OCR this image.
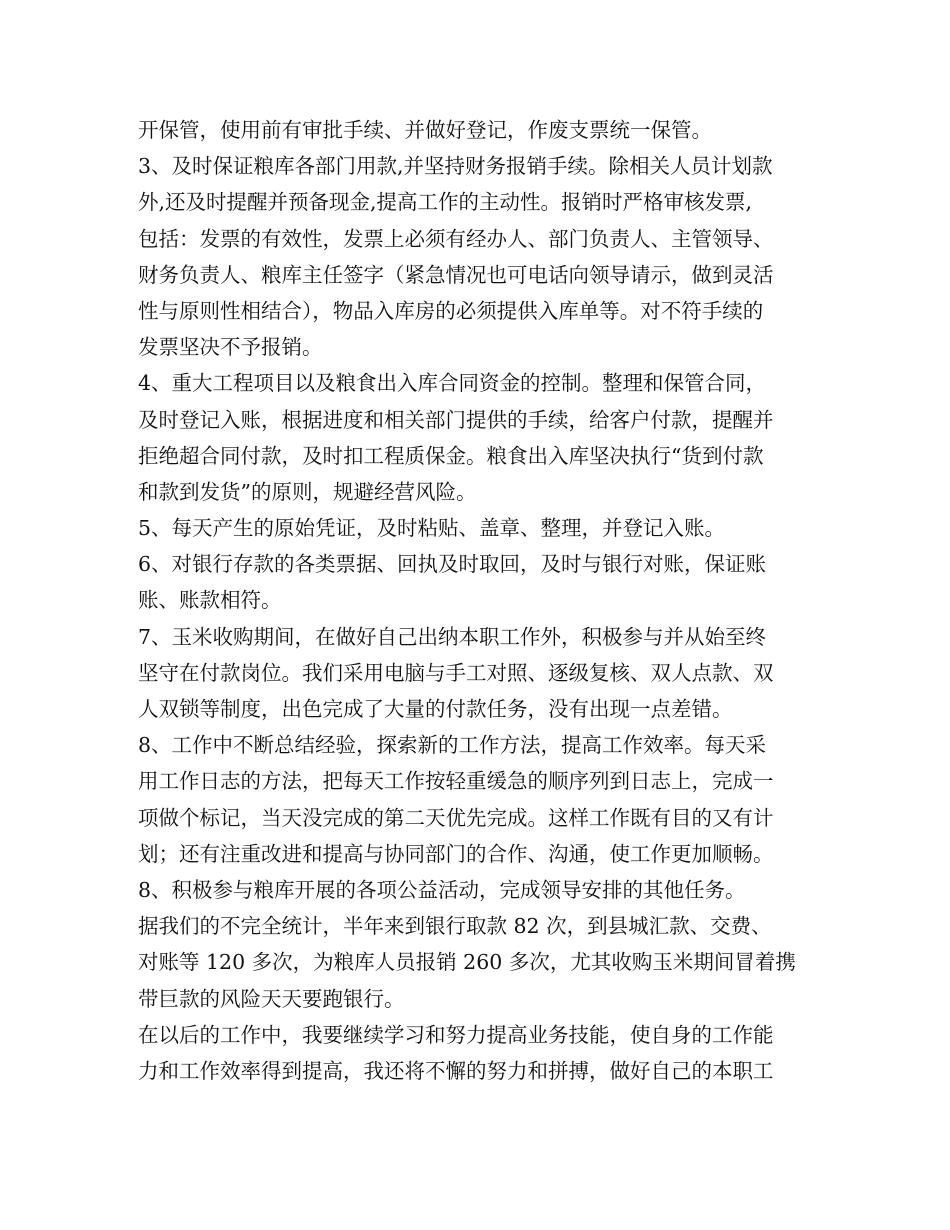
开保管，使用前有审批手续、并做好登记，作废支票统一保管。
3、及时保证粮库各部门用款,并坚持财务报销手续。除相关人员计划款
外,还及时提醒并预备现金,提高工作的主动性。报销时严格审核发票,
包括：发票的有效性，发票上必须有经办人、部门负责人、主管领导、
财务负责人、粮库主任签字（紧急情况也可电话向领导请示，做到灵活
性与原则性相结合），物品入库房的必须提供入库单等。对不符手续的
发票坚决不予报销。
4、重大工程项目以及粮食出入库合同资金的控制。整理和保管合同，
及时登记入账，根据进度和相关部门提供的手续，给客户付款，提醒并
拒绝超合同付款，及时扣工程质保金。粮食出入库坚决执行“货到付款
和款到发货”的原则，规避经营风险。
5、每天产生的原始凭证，及时粘贴、盖章、整理，并登记入账。
6、对银行存款的各类票据、回执及时取回，及时与银行对账，保证账
账、账款相符。
7、玉米收购期间，在做好自己出纳本职工作外，积极参与并从始至终
坚守在付款岗位。我们采用电脑与手工对照、逐级复核、双人点款、双
人双锁等制度，出色完成了大量的付款任务，没有出现一点差错。
8、工作中不断总结经验，探索新的工作方法，提高工作效率。每天采
用工作日志的方法，把每天工作按轻重缓急的顺序列到日志上，完成一
项做个标记，当天没完成的第二天优先完成。这样工作既有目的又有计
划；还有注重改进和提高与协同部门的合作、沟通，使工作更加顺畅。
8、积极参与粮库开展的各项公益活动，完成领导安排的其他任务。
据我们的不完全统计，半年来到银行取款 82 次，到县城汇款、交费、
对账等 120 多次，为粮库人员报销 260 多次，尤其收购玉米期间冒着携
带巨款的风险天天要跑银行。
在以后的工作中，我要继续学习和努力提高业务技能，使自身的工作能
力和工作效率得到提高，我还将不懈的努力和拼搏，做好自己的本职工
